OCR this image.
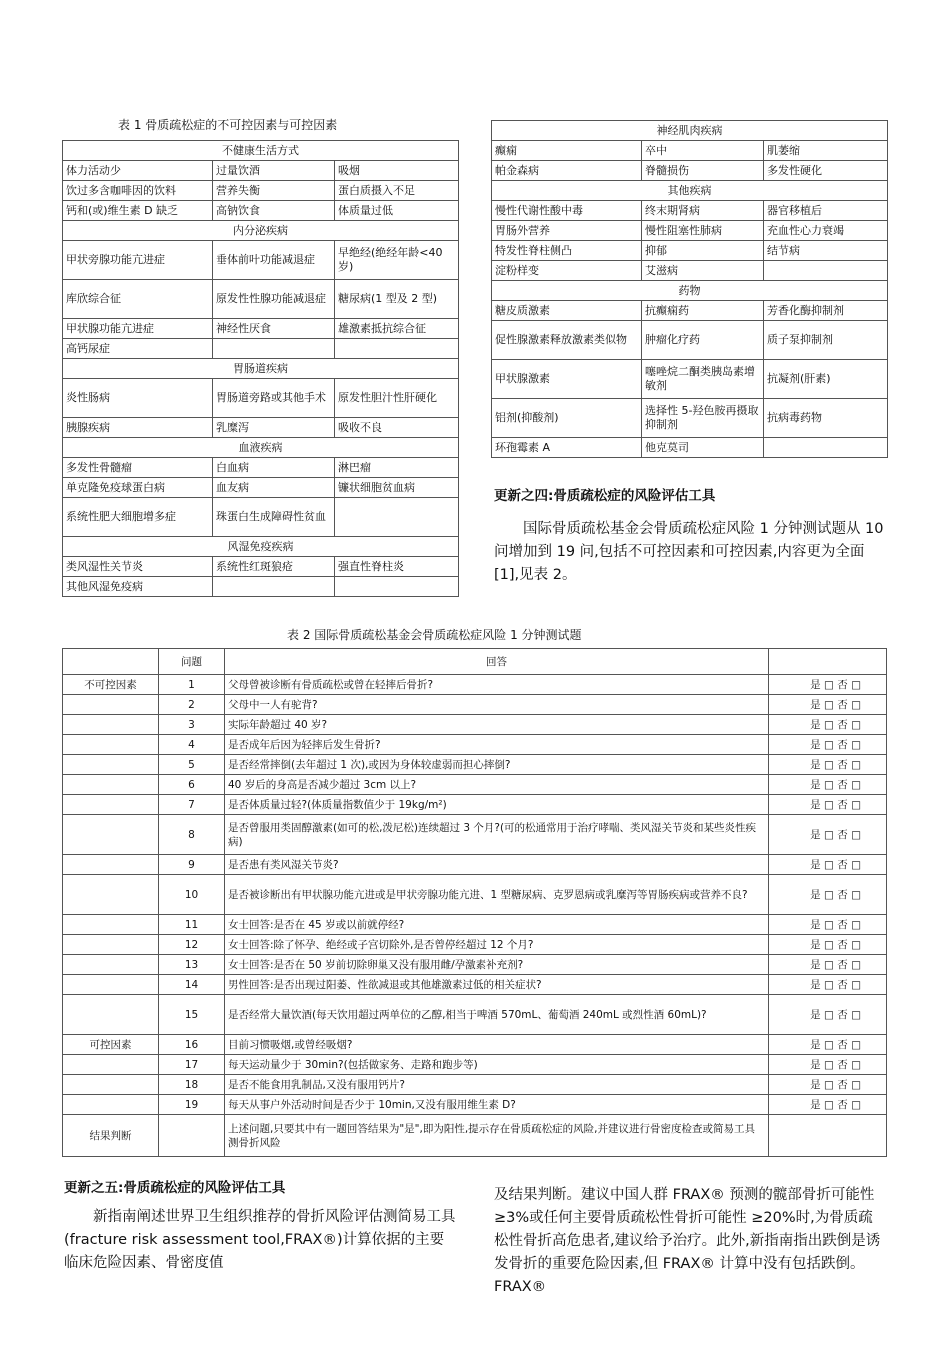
表 1 骨质疏松症的不可控因素与可控因素
不健康生活方式		
体力活动少	过量饮酒	吸烟
饮过多含咖啡因的饮料	营养失衡	蛋白质摄入不足
钙和(或)维生素 D 缺乏	高钠饮食	体质量过低
内分泌疾病		
甲状旁腺功能亢进症	垂体前叶功能减退症	早绝经(绝经年龄<40 岁)
库欣综合征	原发性性腺功能减退症	糖尿病(1 型及 2 型)
甲状腺功能亢进症	神经性厌食	雄激素抵抗综合征
高钙尿症		
胃肠道疾病		
炎性肠病	胃肠道旁路或其他手术	原发性胆汁性肝硬化
胰腺疾病	乳糜泻	吸收不良
血液疾病		
多发性骨髓瘤	白血病	淋巴瘤
单克隆免疫球蛋白病	血友病	镰状细胞贫血病
系统性肥大细胞增多症	珠蛋白生成障碍性贫血	
风湿免疫疾病		
类风湿性关节炎	系统性红斑狼疮	强直性脊柱炎
其他风湿免疫病		
神经肌肉疾病		
癫痫	卒中	肌萎缩
帕金森病	脊髓损伤	多发性硬化
其他疾病		
慢性代谢性酸中毒	终末期肾病	器官移植后
胃肠外营养	慢性阻塞性肺病	充血性心力衰竭
特发性脊柱侧凸	抑郁	结节病
淀粉样变	艾滋病	
药物		
糖皮质激素	抗癫痫药	芳香化酶抑制剂
促性腺激素释放激素类似物	肿瘤化疗药	质子泵抑制剂
甲状腺激素	噻唑烷二酮类胰岛素增敏剂	抗凝剂(肝素)
铝剂(抑酸剂)	选择性 5-羟色胺再摄取抑制剂	抗病毒药物
环孢霉素 A	他克莫司	
更新之四:骨质疏松症的风险评估工具
国际骨质疏松基金会骨质疏松症风险 1 分钟测试题从 10 问增加到 19 问,包括不可控因素和可控因素,内容更为全面[1],见表 2。
表 2 国际骨质疏松基金会骨质疏松症风险 1 分钟测试题
	问题	回答	
不可控因素	1	父母曾被诊断有骨质疏松或曾在轻摔后骨折?	是 □ 否 □
	2	父母中一人有驼背?	是 □ 否 □
	3	实际年龄超过 40 岁?	是 □ 否 □
	4	是否成年后因为轻摔后发生骨折?	是 □ 否 □
	5	是否经常摔倒(去年超过 1 次),或因为身体较虚弱而担心摔倒?	是 □ 否 □
	6	40 岁后的身高是否减少超过 3cm 以上?	是 □ 否 □
	7	是否体质量过轻?(体质量指数值少于 19kg/m²)	是 □ 否 □
	8	是否曾服用类固醇激素(如可的松,泼尼松)连续超过 3 个月?(可的松通常用于治疗哮喘、类风湿关节炎和某些炎性疾病)	是 □ 否 □
	9	是否患有类风湿关节炎?	是 □ 否 □
	10	是否被诊断出有甲状腺功能亢进或是甲状旁腺功能亢进、1 型糖尿病、克罗恩病或乳糜泻等胃肠疾病或营养不良?	是 □ 否 □
	11	女士回答:是否在 45 岁或以前就停经?	是 □ 否 □
	12	女士回答:除了怀孕、绝经或子宫切除外,是否曾停经超过 12 个月?	是 □ 否 □
	13	女士回答:是否在 50 岁前切除卵巢又没有服用雌/孕激素补充剂?	是 □ 否 □
	14	男性回答:是否出现过阳萎、性欲减退或其他雄激素过低的相关症状?	是 □ 否 □
	15	是否经常大量饮酒(每天饮用超过两单位的乙醇,相当于啤酒 570mL、葡萄酒 240mL 或烈性酒 60mL)?	是 □ 否 □
可控因素	16	目前习惯吸烟,或曾经吸烟?	是 □ 否 □
	17	每天运动量少于 30min?(包括做家务、走路和跑步等)	是 □ 否 □
	18	是否不能食用乳制品,又没有服用钙片?	是 □ 否 □
	19	每天从事户外活动时间是否少于 10min,又没有服用维生素 D?	是 □ 否 □
结果判断		上述问题,只要其中有一题回答结果为"是",即为阳性,提示存在骨质疏松症的风险,并建议进行骨密度检查或简易工具测骨折风险	
更新之五:骨质疏松症的风险评估工具
新指南阐述世界卫生组织推荐的骨折风险评估测简易工具(fracture risk assessment tool,FRAX®)计算依据的主要临床危险因素、骨密度值
及结果判断。建议中国人群 FRAX® 预测的髋部骨折可能性 ≥3%或任何主要骨质疏松性骨折可能性 ≥20%时,为骨质疏松性骨折高危患者,建议给予治疗。此外,新指南指出跌倒是诱发骨折的重要危险因素,但 FRAX® 计算中没有包括跌倒。FRAX®
